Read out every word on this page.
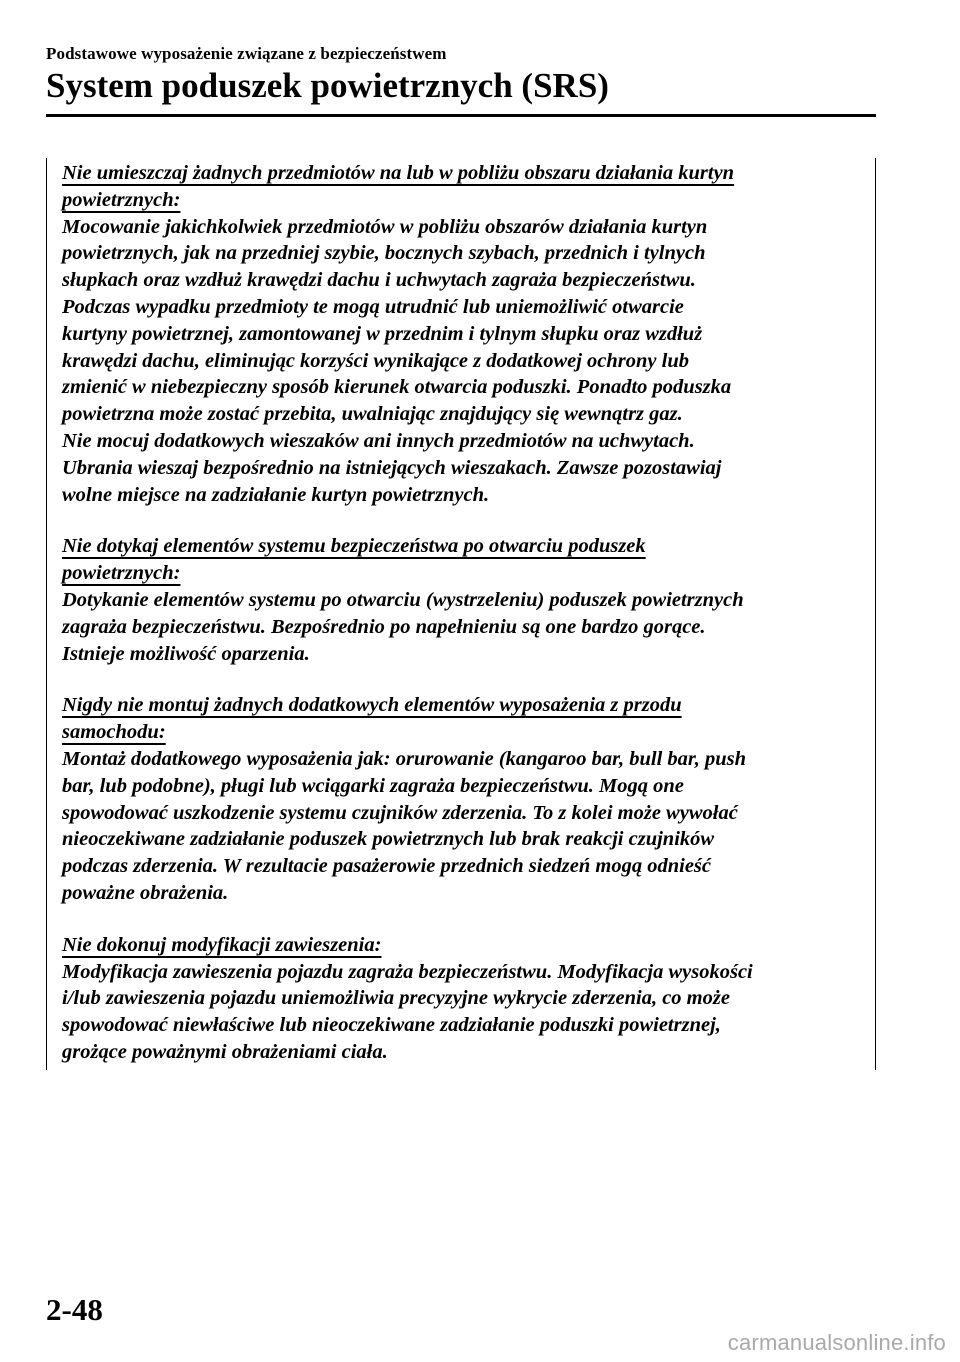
Podstawowe wyposażenie związane z bezpieczeństwem
System poduszek powietrznych (SRS)
Nie umieszczaj żadnych przedmiotów na lub w pobliżu obszaru działania kurtyn
powietrznych:
Mocowanie jakichkolwiek przedmiotów w pobliżu obszarów działania kurtyn
powietrznych, jak na przedniej szybie, bocznych szybach, przednich i tylnych
słupkach oraz wzdłuż krawędzi dachu i uchwytach zagraża bezpieczeństwu.
Podczas wypadku przedmioty te mogą utrudnić lub uniemożliwić otwarcie
kurtyny powietrznej, zamontowanej w przednim i tylnym słupku oraz wzdłuż
krawędzi dachu, eliminując korzyści wynikające z dodatkowej ochrony lub
zmienić w niebezpieczny sposób kierunek otwarcia poduszki. Ponadto poduszka
powietrzna może zostać przebita, uwalniając znajdujący się wewnątrz gaz.
Nie mocuj dodatkowych wieszaków ani innych przedmiotów na uchwytach.
Ubrania wieszaj bezpośrednio na istniejących wieszakach. Zawsze pozostawiaj
wolne miejsce na zadziałanie kurtyn powietrznych.
Nie dotykaj elementów systemu bezpieczeństwa po otwarciu poduszek
powietrznych:
Dotykanie elementów systemu po otwarciu (wystrzeleniu) poduszek powietrznych
zagraża bezpieczeństwu. Bezpośrednio po napełnieniu są one bardzo gorące.
Istnieje możliwość oparzenia.
Nigdy nie montuj żadnych dodatkowych elementów wyposażenia z przodu
samochodu:
Montaż dodatkowego wyposażenia jak: orurowanie (kangaroo bar, bull bar, push
bar, lub podobne), pługi lub wciągarki zagraża bezpieczeństwu. Mogą one
spowodować uszkodzenie systemu czujników zderzenia. To z kolei może wywołać
nieoczekiwane zadziałanie poduszek powietrznych lub brak reakcji czujników
podczas zderzenia. W rezultacie pasażerowie przednich siedzeń mogą odnieść
poważne obrażenia.
Nie dokonuj modyfikacji zawieszenia:
Modyfikacja zawieszenia pojazdu zagraża bezpieczeństwu. Modyfikacja wysokości
i/lub zawieszenia pojazdu uniemożliwia precyzyjne wykrycie zderzenia, co może
spowodować niewłaściwe lub nieoczekiwane zadziałanie poduszki powietrznej,
grożące poważnymi obrażeniami ciała.
2-48
carmanualsonline.info
